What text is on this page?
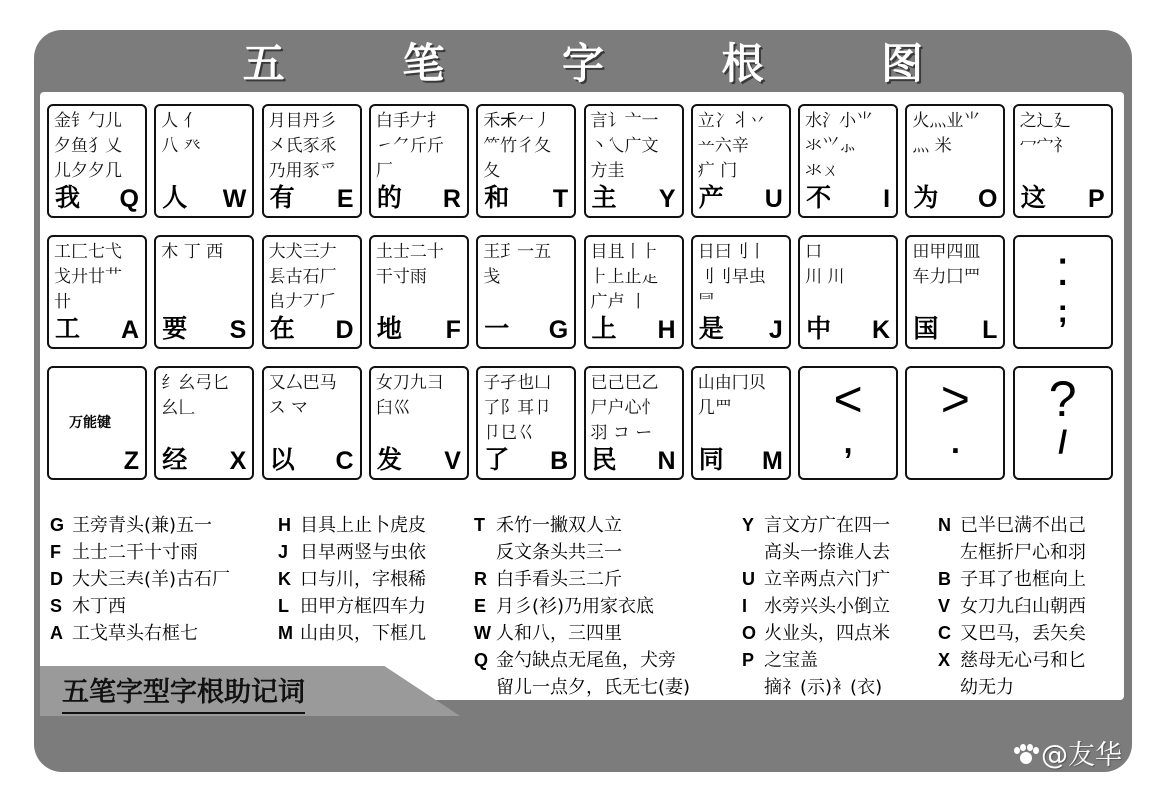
五	笔	字	根	图
金钅勹儿
夕鱼犭乂
儿夕夕几
我 Q
人 亻
八 癶
人 W
月目丹彡
㐅氏豕乑
乃用豕爫
有 E
白手𠂇扌
㇀⺈斤斤
厂
的 R
禾𥝌𠂉丿
⺮竹彳夂
夂
和 T
言讠亠一
丶乀广文
方圭
主 Y
立冫丬丷
䒑六辛
疒 门
产 U
水氵小⺌
氺⺍⺗
氺ㄨ
不 I
火灬业⺌
灬 米
为 O
之辶廴
冖宀礻
这 P
工匚七弋
戈廾廿艹
卄
工 A
木 丁 西
要 S
大犬三𠂇
镸古石厂
𠂤𠂇丆𠂆
在 D
土士二十
干寸雨
地 F
王𤣩一五
戋
一 G
目且丨⺊
⺊上止龰
广卢 丨
上 H
日曰刂丨
刂刂早虫
⺜
是 J
口
川 川
中 K
田甲四皿
车力囗罒
国 L
:
;
万能键
Z
纟幺弓匕
幺𠃊
经 X
又厶巴马
ス マ
以 C
女刀九彐
臼巛
发 V
子孑也凵
了阝耳卩
卩㔾巜
了 B
已己巳乙
尸户心忄
羽 コ ー
民 N
山由冂贝
几⺫
同 M
<
,
>
.
?
/
G 王旁青头(兼)五一
F 土士二干十寸雨
D 大犬三𡗗(羊)古石厂
S 木丁西
A 工戈草头右框七
H 目具上止卜虎皮
J 日早两竖与虫依
K 口与川，字根稀
L 田甲方框四车力
M 山由贝，下框几
T 禾竹一撇双人立
反文条头共三一
R 白手看头三二斤
E 月彡(衫)乃用家衣底
W 人和八，三四里
Q 金勺缺点无尾鱼，犬旁
留儿一点夕，氏无七(妻)
Y 言文方广在四一
高头一捺谁人去
U 立辛两点六门疒
I 水旁兴头小倒立
O 火业头，四点米
P 之宝盖
摘礻(示)衤(衣)
N 已半巳满不出己
左框折尸心和羽
B 子耳了也框向上
V 女刀九臼山朝西
C 又巴马，丢矢矣
X 慈母无心弓和匕
幼无力
五笔字型字根助记词
@友华
